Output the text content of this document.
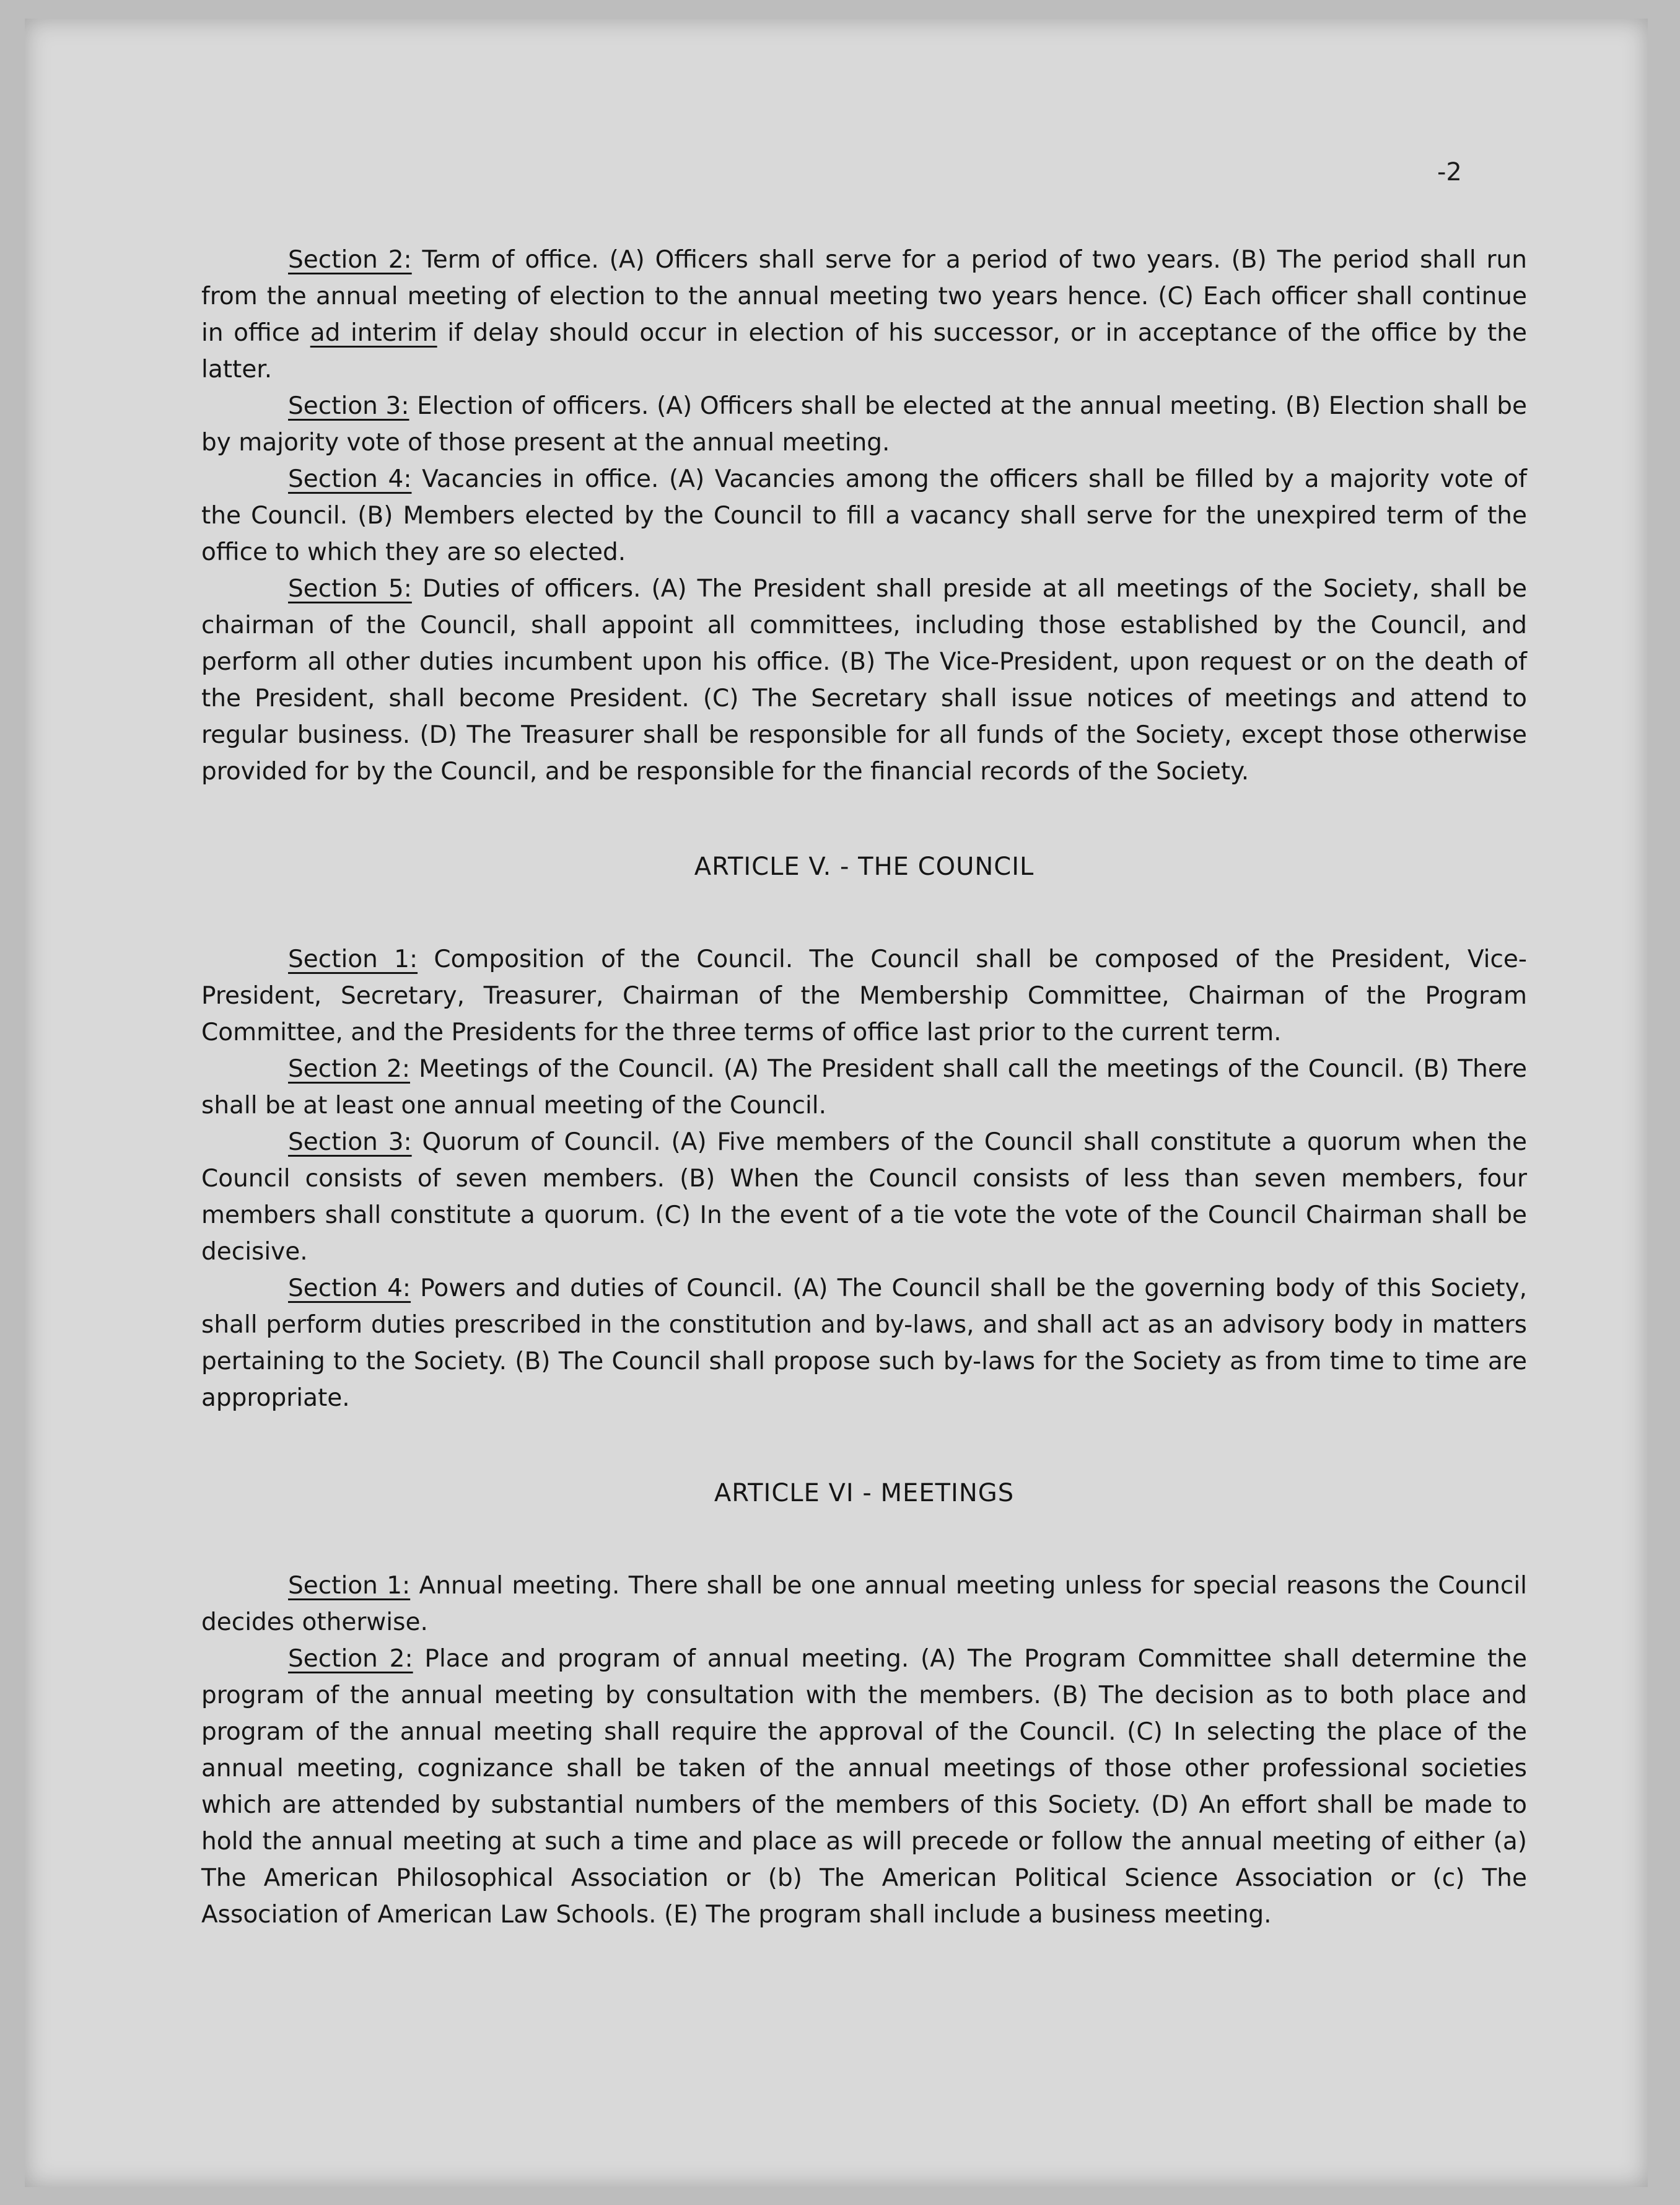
-2

Section 2: Term of office. (A) Officers shall serve for a period of two years. (B) The period shall run from the annual meeting of election to the annual meeting two years hence. (C) Each officer shall continue in office ad interim if delay should occur in election of his successor, or in acceptance of the office by the latter.

Section 3: Election of officers. (A) Officers shall be elected at the annual meeting. (B) Election shall be by majority vote of those present at the annual meeting.

Section 4: Vacancies in office. (A) Vacancies among the officers shall be filled by a majority vote of the Council. (B) Members elected by the Council to fill a vacancy shall serve for the unexpired term of the office to which they are so elected.

Section 5: Duties of officers. (A) The President shall preside at all meetings of the Society, shall be chairman of the Council, shall appoint all committees, including those established by the Council, and perform all other duties incumbent upon his office. (B) The Vice-President, upon request or on the death of the President, shall become President. (C) The Secretary shall issue notices of meetings and attend to regular business. (D) The Treasurer shall be responsible for all funds of the Society, except those otherwise provided for by the Council, and be responsible for the financial records of the Society.

ARTICLE V. - THE COUNCIL

Section 1: Composition of the Council. The Council shall be composed of the President, Vice-President, Secretary, Treasurer, Chairman of the Membership Committee, Chairman of the Program Committee, and the Presidents for the three terms of office last prior to the current term.

Section 2: Meetings of the Council. (A) The President shall call the meetings of the Council. (B) There shall be at least one annual meeting of the Council.

Section 3: Quorum of Council. (A) Five members of the Council shall constitute a quorum when the Council consists of seven members. (B) When the Council consists of less than seven members, four members shall constitute a quorum. (C) In the event of a tie vote the vote of the Council Chairman shall be decisive.

Section 4: Powers and duties of Council. (A) The Council shall be the governing body of this Society, shall perform duties prescribed in the constitution and by-laws, and shall act as an advisory body in matters pertaining to the Society. (B) The Council shall propose such by-laws for the Society as from time to time are appropriate.

ARTICLE VI - MEETINGS

Section 1: Annual meeting. There shall be one annual meeting unless for special reasons the Council decides otherwise.

Section 2: Place and program of annual meeting. (A) The Program Committee shall determine the program of the annual meeting by consultation with the members. (B) The decision as to both place and program of the annual meeting shall require the approval of the Council. (C) In selecting the place of the annual meeting, cognizance shall be taken of the annual meetings of those other professional societies which are attended by substantial numbers of the members of this Society. (D) An effort shall be made to hold the annual meeting at such a time and place as will precede or follow the annual meeting of either (a) The American Philosophical Association or (b) The American Political Science Association or (c) The Association of American Law Schools. (E) The program shall include a business meeting.
